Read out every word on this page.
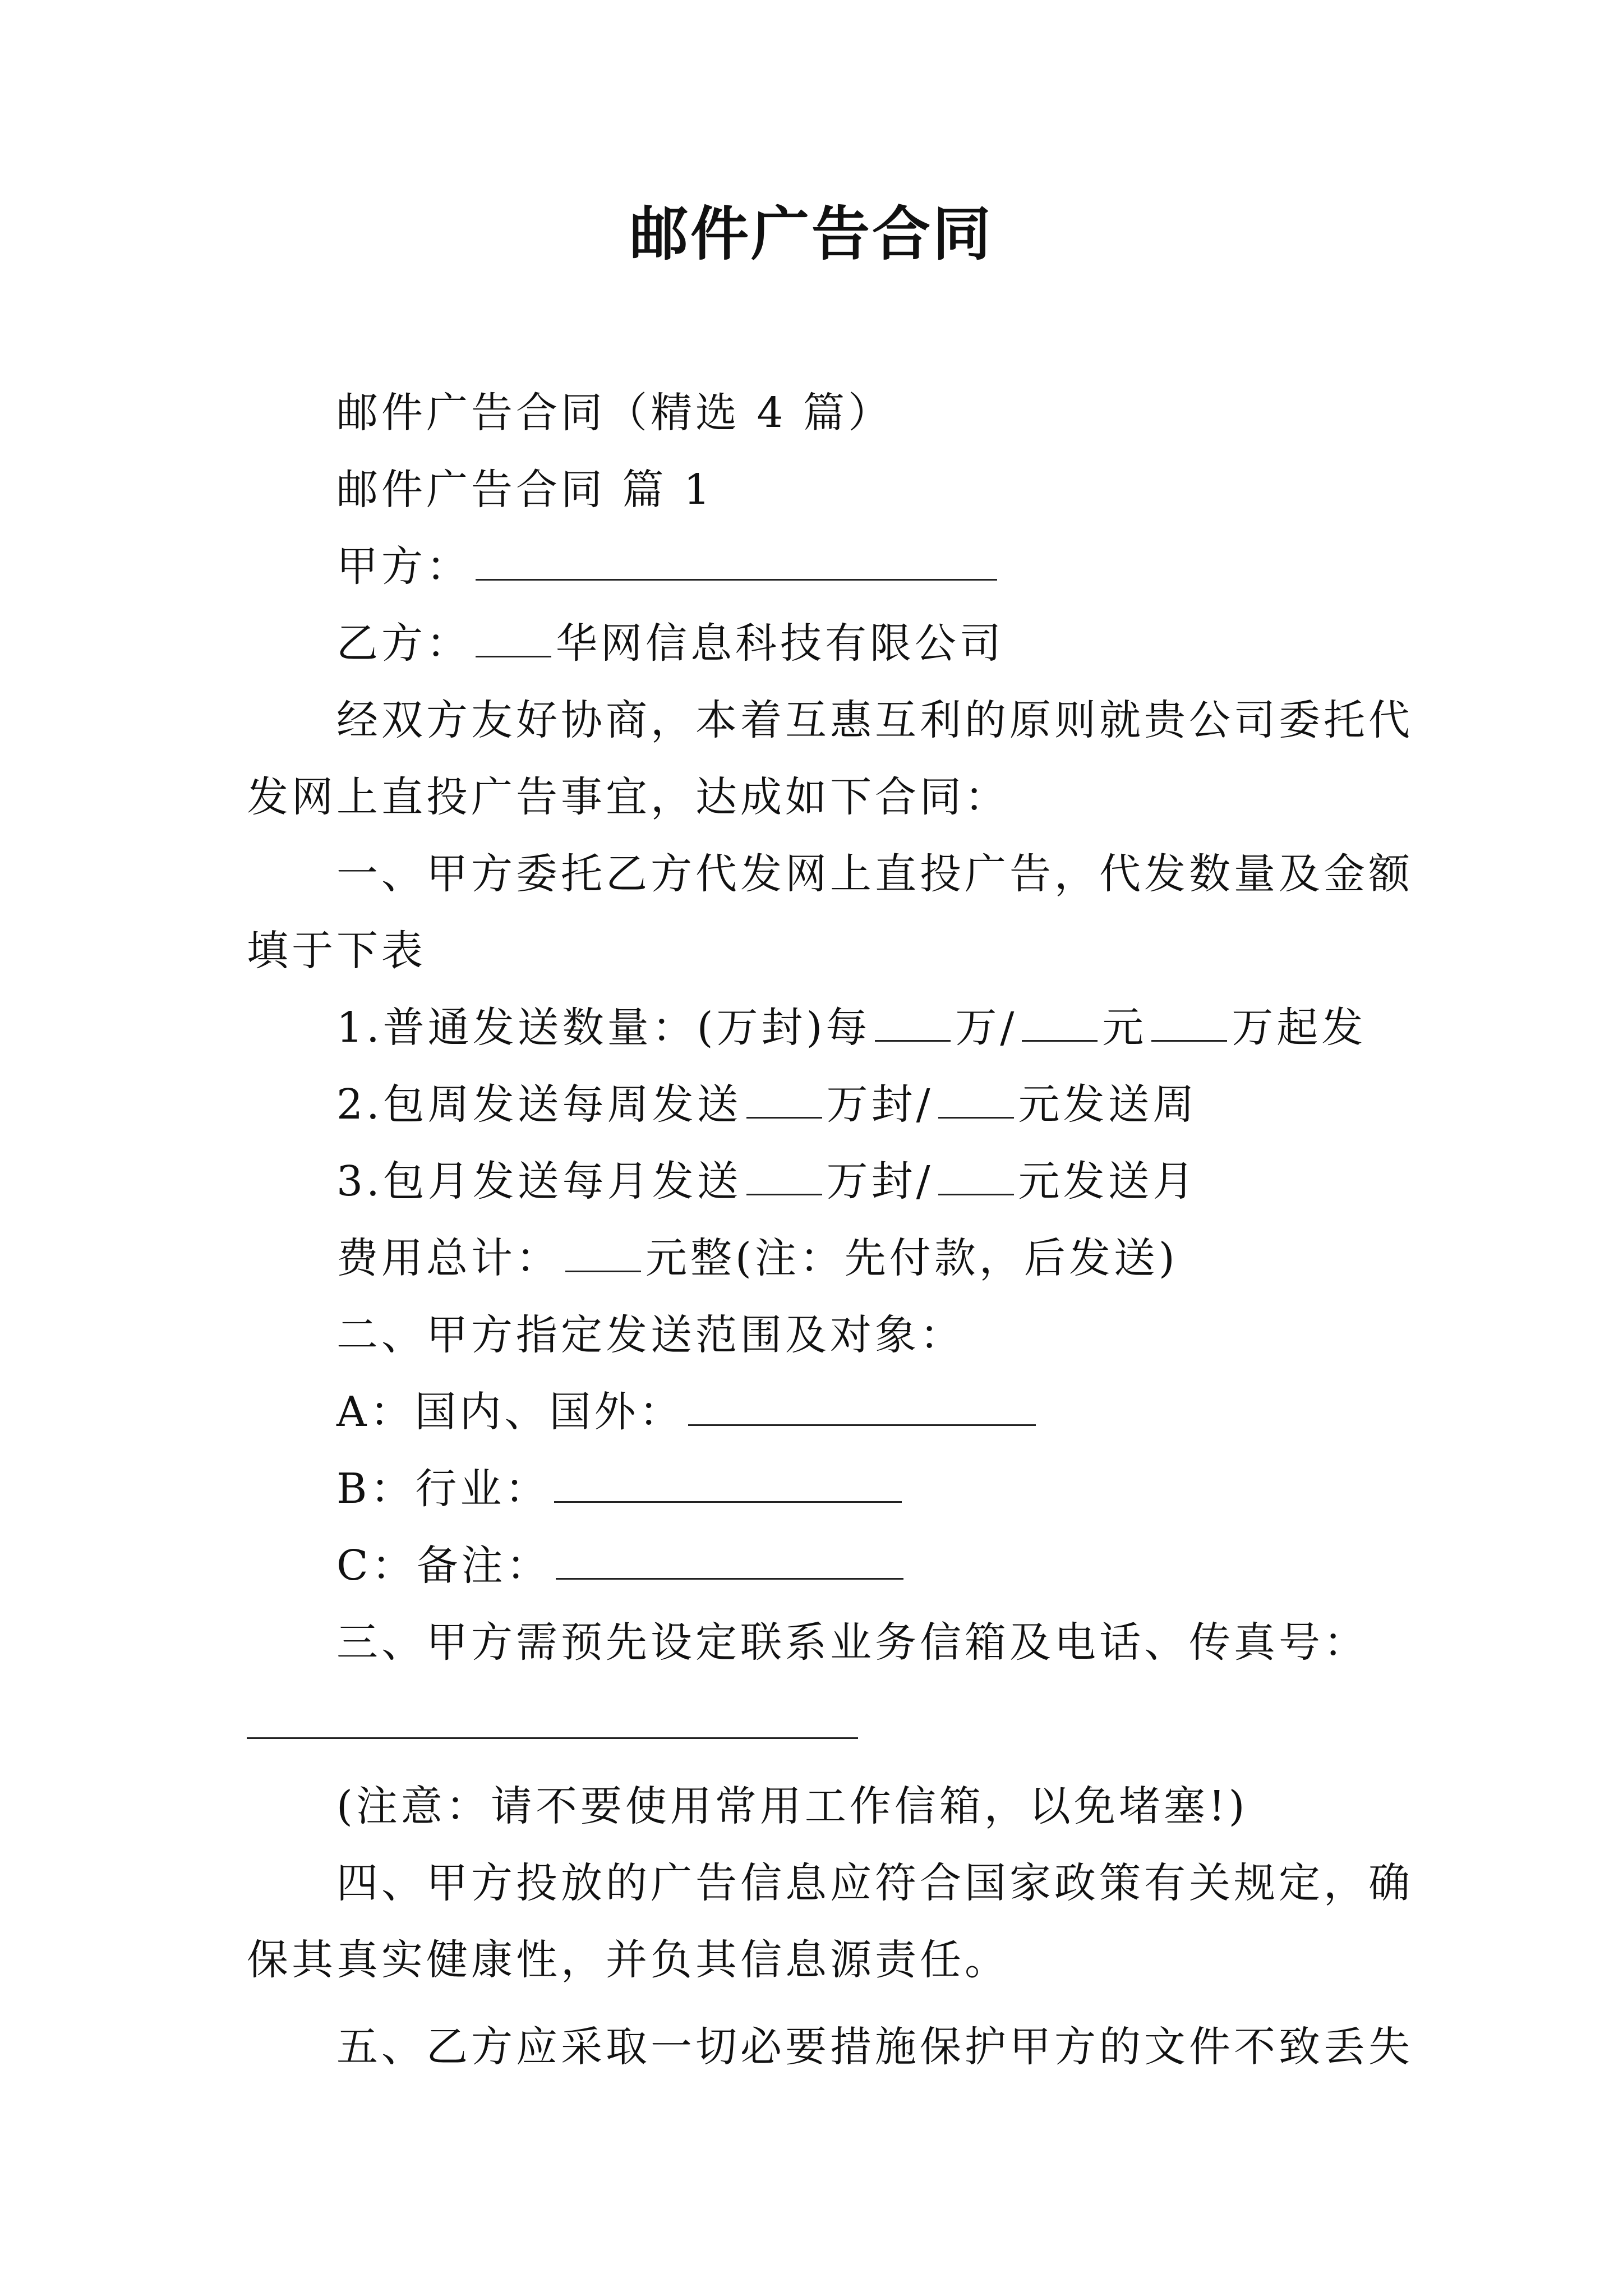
邮件广告合同
邮件广告合同（精选 4 篇）
邮件广告合同 篇 1
甲方：
乙方： 华网信息科技有限公司
经双方友好协商，本着互惠互利的原则就贵公司委托代
发网上直投广告事宜，达成如下合同：
一、甲方委托乙方代发网上直投广告，代发数量及金额
填于下表
1.普通发送数量：(万封)每 万/ 元 万起发
2.包周发送每周发送 万封/ 元发送周
3.包月发送每月发送 万封/ 元发送月
费用总计： 元整(注：先付款，后发送)
二、甲方指定发送范围及对象：
A：国内、国外：
B：行业：
C：备注：
三、甲方需预先设定联系业务信箱及电话、传真号：
(注意：请不要使用常用工作信箱，以免堵塞!)
四、甲方投放的广告信息应符合国家政策有关规定，确
保其真实健康性，并负其信息源责任。
五、乙方应采取一切必要措施保护甲方的文件不致丢失
